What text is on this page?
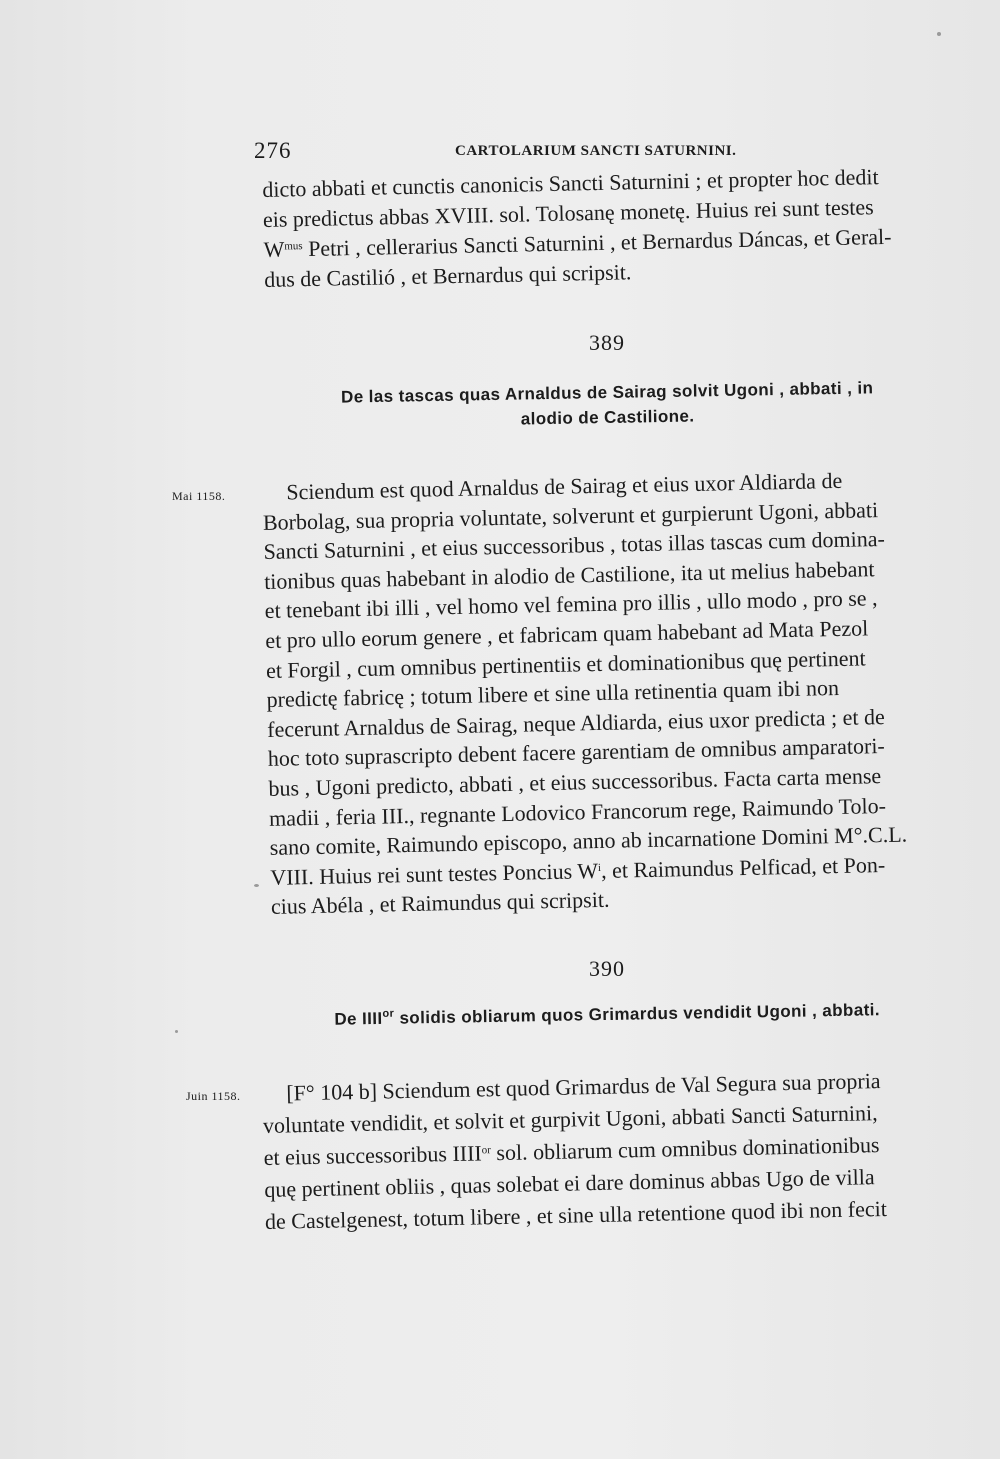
276	CARTOLARIUM SANCTI SATURNINI.

dicto abbati et cunctis canonicis Sancti Saturnini ; et propter hoc dedit

eis predictus abbas XVIII. sol. Tolosanę monetę. Huius rei sunt testes

$W^{mus}$ Petri , cellerarius Sancti Saturnini , et Bernardus Dáncas, et Geral-

dus de Castilió , et Bernardus qui scripsit.

389
De las tascas quas Arnaldus de Sairag solvit Ugoni , abbati , in
alodio de Castilione.
Mai 1158.	Sciendum est quod Arnaldus de Sairag et eius uxor Aldiarda de

Borbolag, sua propria voluntate, solverunt et gurpierunt Ugoni, abbati

Sancti Saturnini , et eius successoribus , totas illas tascas cum domina-

tionibus quas habebant in alodio de Castilione, ita ut melius habebant

et tenebant ibi illi , vel homo vel femina pro illis , ullo modo , pro se ,

et pro ullo eorum genere , et fabricam quam habebant ad Mata Pezol

et Forgil , cum omnibus pertinentiis et dominationibus quę pertinent

predictę fabricę ; totum libere et sine ulla retinentia quam ibi non

fecerunt Arnaldus de Sairag, neque Aldiarda, eius uxor predicta ; et de

hoc toto suprascripto debent facere garentiam de omnibus amparatori-

bus , Ugoni predicto, abbati , et eius successoribus. Facta carta mense

madii , feria III., regnante Lodovico Francorum rege, Raimundo Tolo-

sano comite, Raimundo episcopo, anno ab incarnatione Domini M°.C.L.

VIII. Huius rei sunt testes Poncius $W^i$, et Raimundus Pelficad, et Pon-

cius Abéla , et Raimundus qui scripsit.

390
De $IIII^{or}$ solidis obliarum quos Grimardus vendidit Ugoni , abbati.
Juin 1158.	[F° 104 b] Sciendum est quod Grimardus de Val Segura sua propria

voluntate vendidit, et solvit et gurpivit Ugoni, abbati Sancti Saturnini,

et eius successoribus $IIII^{or}$ sol. obliarum cum omnibus dominationibus

quę pertinent obliis , quas solebat ei dare dominus abbas Ugo de villa

de Castelgenest, totum libere , et sine ulla retentione quod ibi non fecit
